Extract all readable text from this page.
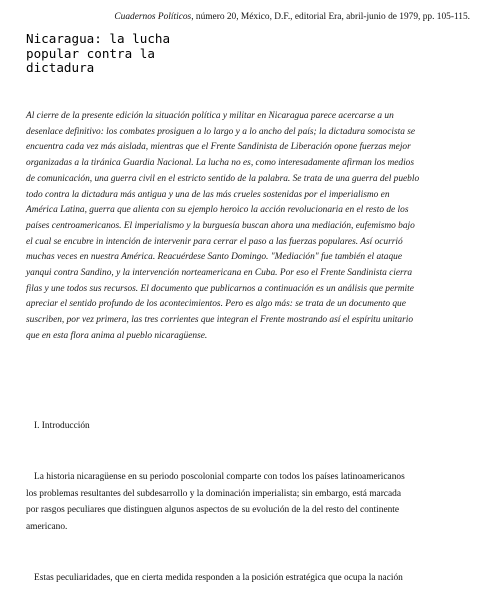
Cuadernos Políticos, número 20, México, D.F., editorial Era, abril-junio de 1979, pp. 105-115.
Nicaragua: la lucha
popular contra la
dictadura
Al cierre de la presente edición la situación política y militar en Nicaragua parece acercarse a un
desenlace definitivo: los combates prosiguen a lo largo y a lo ancho del país; la dictadura somocista se
encuentra cada vez más aislada, mientras que el Frente Sandinista de Liberación opone fuerzas mejor
organizadas a la tiránica Guardia Nacional. La lucha no es, como interesadamente afirman los medios
de comunicación, una guerra civil en el estricto sentido de la palabra. Se trata de una guerra del pueblo
todo contra la dictadura más antigua y una de las más crueles sostenidas por el imperialismo en
América Latina, guerra que alienta con su ejemplo heroico la acción revolucionaria en el resto de los
países centroamericanos. El imperialismo y la burguesía buscan ahora una mediación, eufemismo bajo
el cual se encubre in intención de intervenir para cerrar el paso a las fuerzas populares. Así ocurrió
muchas veces en nuestra América. Reacuérdese Santo Domingo. "Mediación" fue también el ataque
yanqui contra Sandino, y la intervención norteamericana en Cuba. Por eso el Frente Sandinista cierra
filas y une todos sus recursos. El documento que publicarnos a continuación es un análisis que permite
apreciar el sentido profundo de los acontecimientos. Pero es algo más: se trata de un documento que
suscriben, por vez primera, las tres corrientes que integran el Frente mostrando así el espíritu unitario
que en esta flora anima al pueblo nicaragüense.
I. Introducción
La historia nicaragüense en su periodo poscolonial comparte con todos los países latinoamericanos
los problemas resultantes del subdesarrollo y la dominación imperialista; sin embargo, está marcada
por rasgos peculiares que distinguen algunos aspectos de su evolución de la del resto del continente
americano.
Estas peculiaridades, que en cierta medida responden a la posición estratégica que ocupa la nación
